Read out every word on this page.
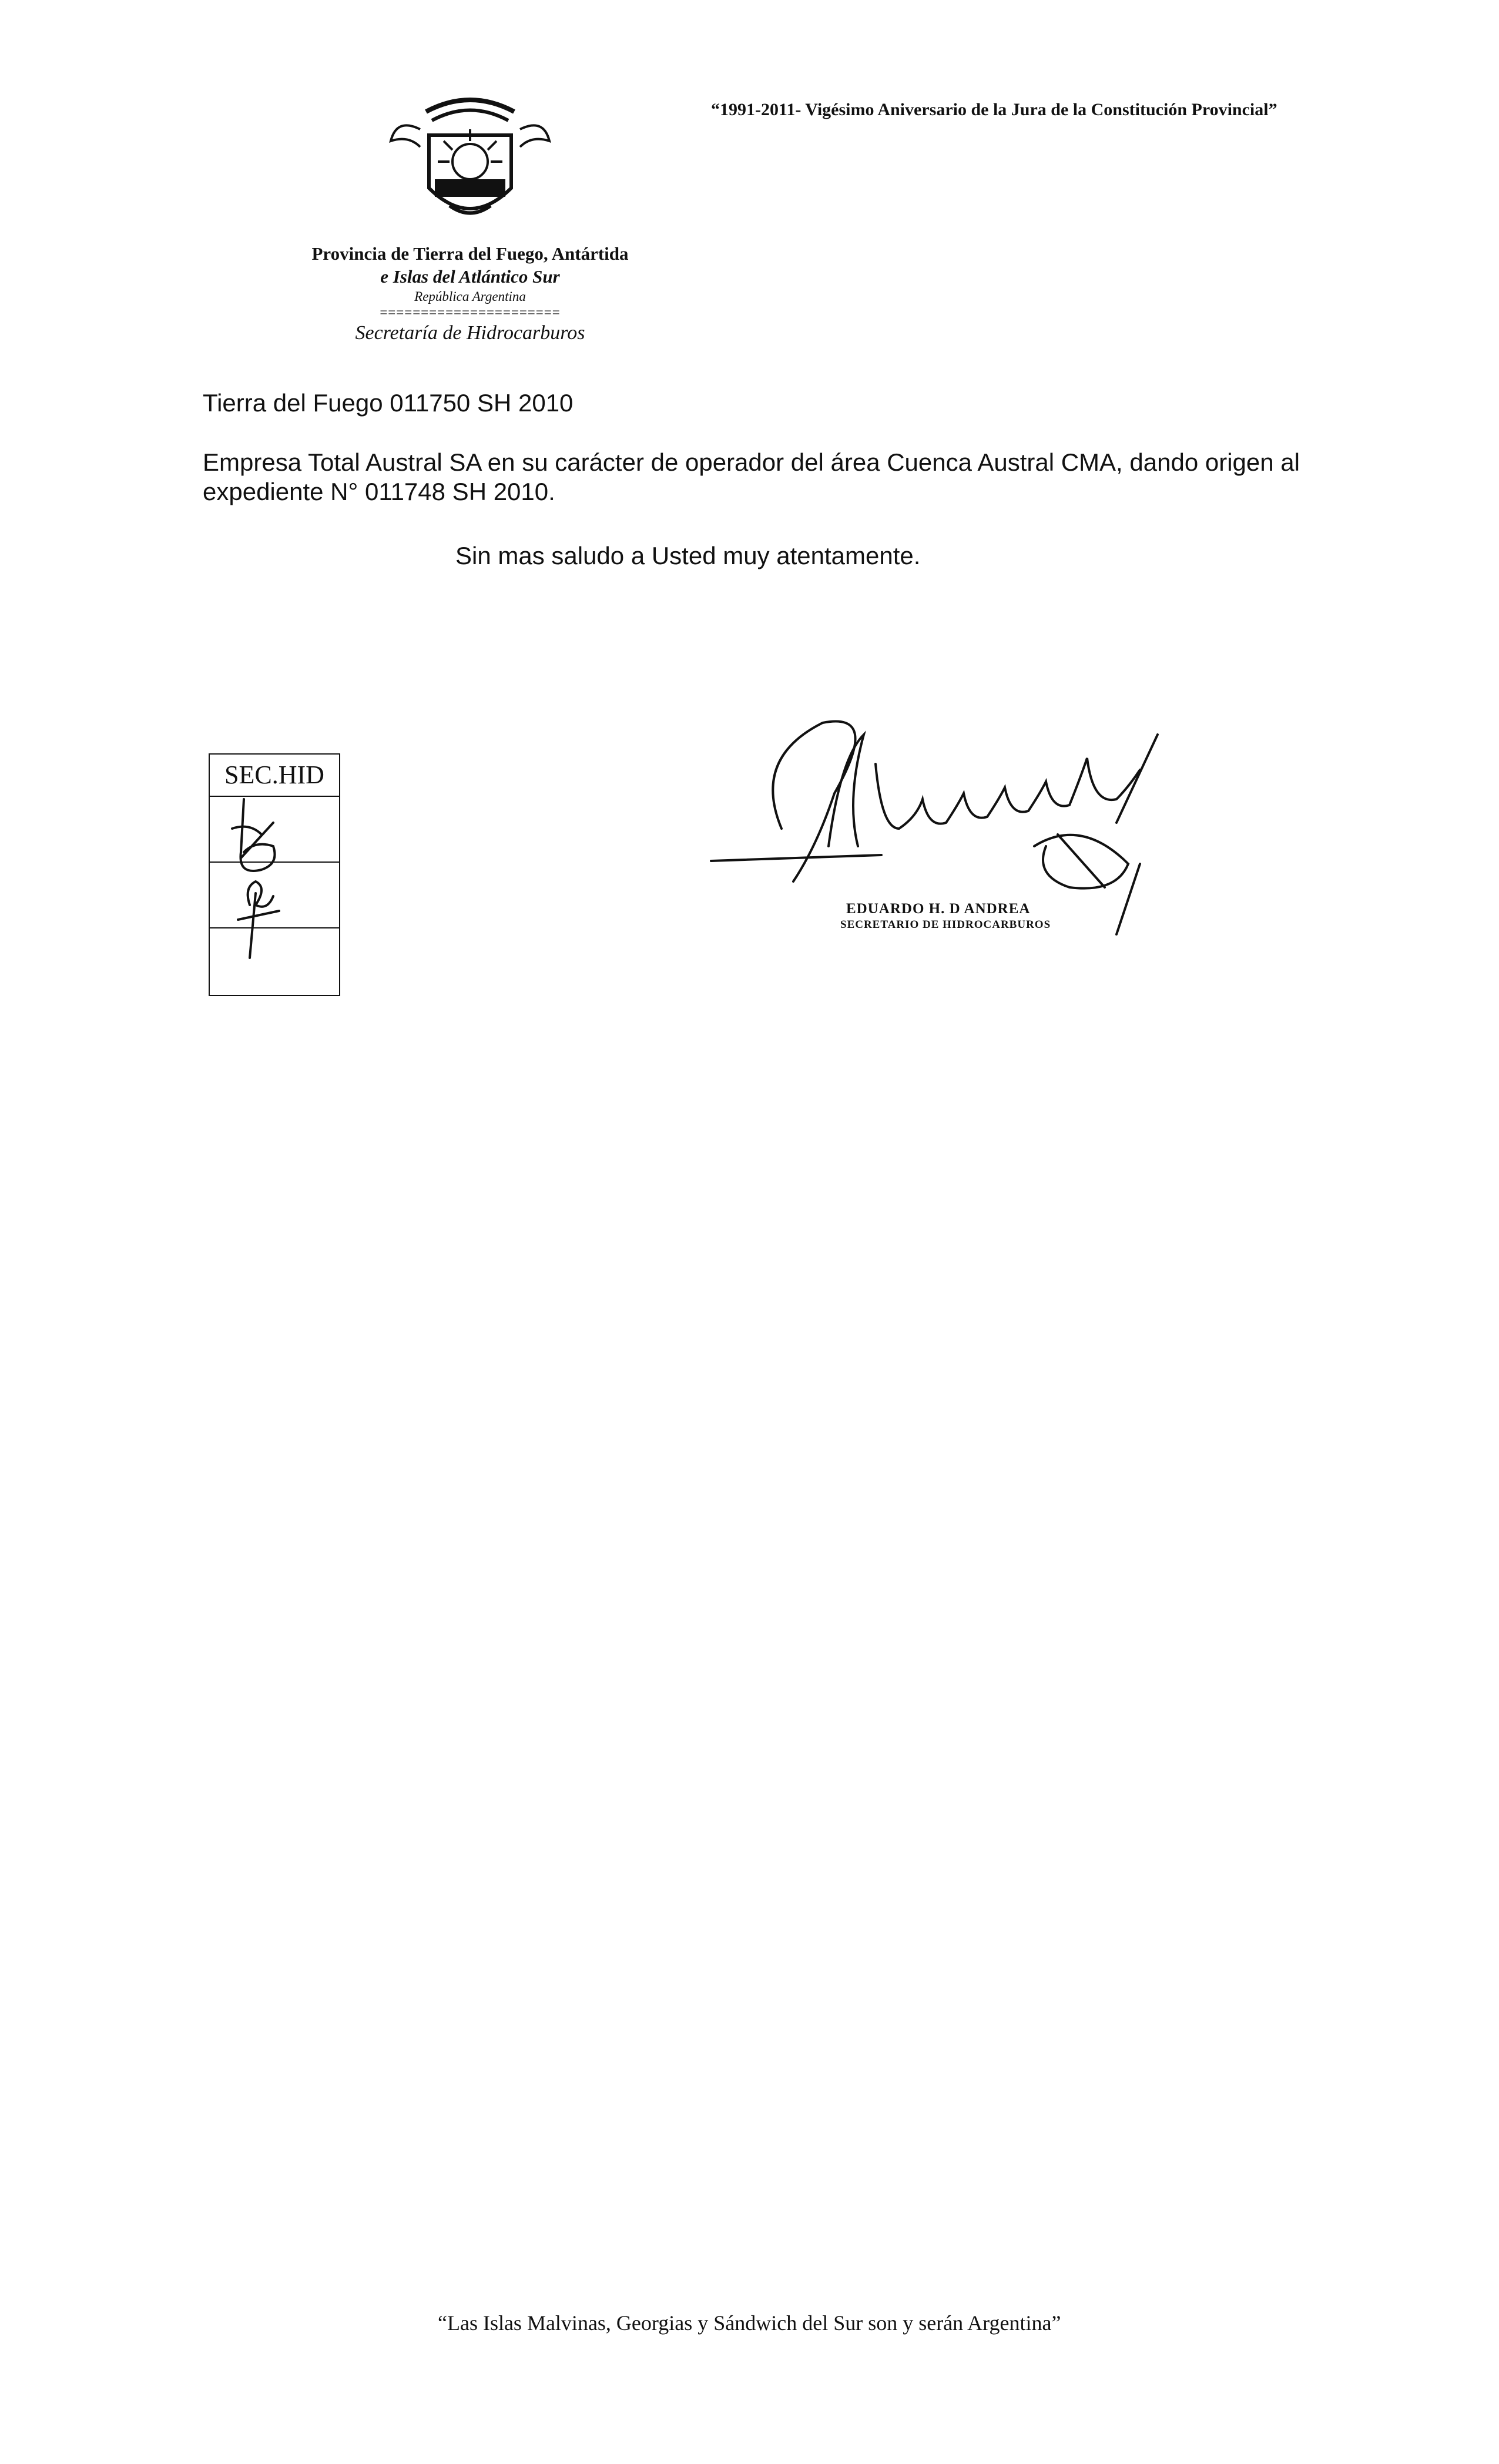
“1991-2011- Vigésimo Aniversario de la Jura de la Constitución Provincial”
Provincia de Tierra del Fuego, Antártida
e Islas del Atlántico Sur
República Argentina
======================
Secretaría de Hidrocarburos
Tierra del Fuego 011750 SH 2010
Empresa Total Austral SA en su carácter de operador del área Cuenca Austral CMA, dando origen al expediente N° 011748 SH 2010.
Sin mas saludo a Usted muy atentamente.
SEC.HID
EDUARDO H. D ANDREA
SECRETARIO DE HIDROCARBUROS
“Las Islas Malvinas, Georgias y Sándwich del Sur son y serán Argentina”
